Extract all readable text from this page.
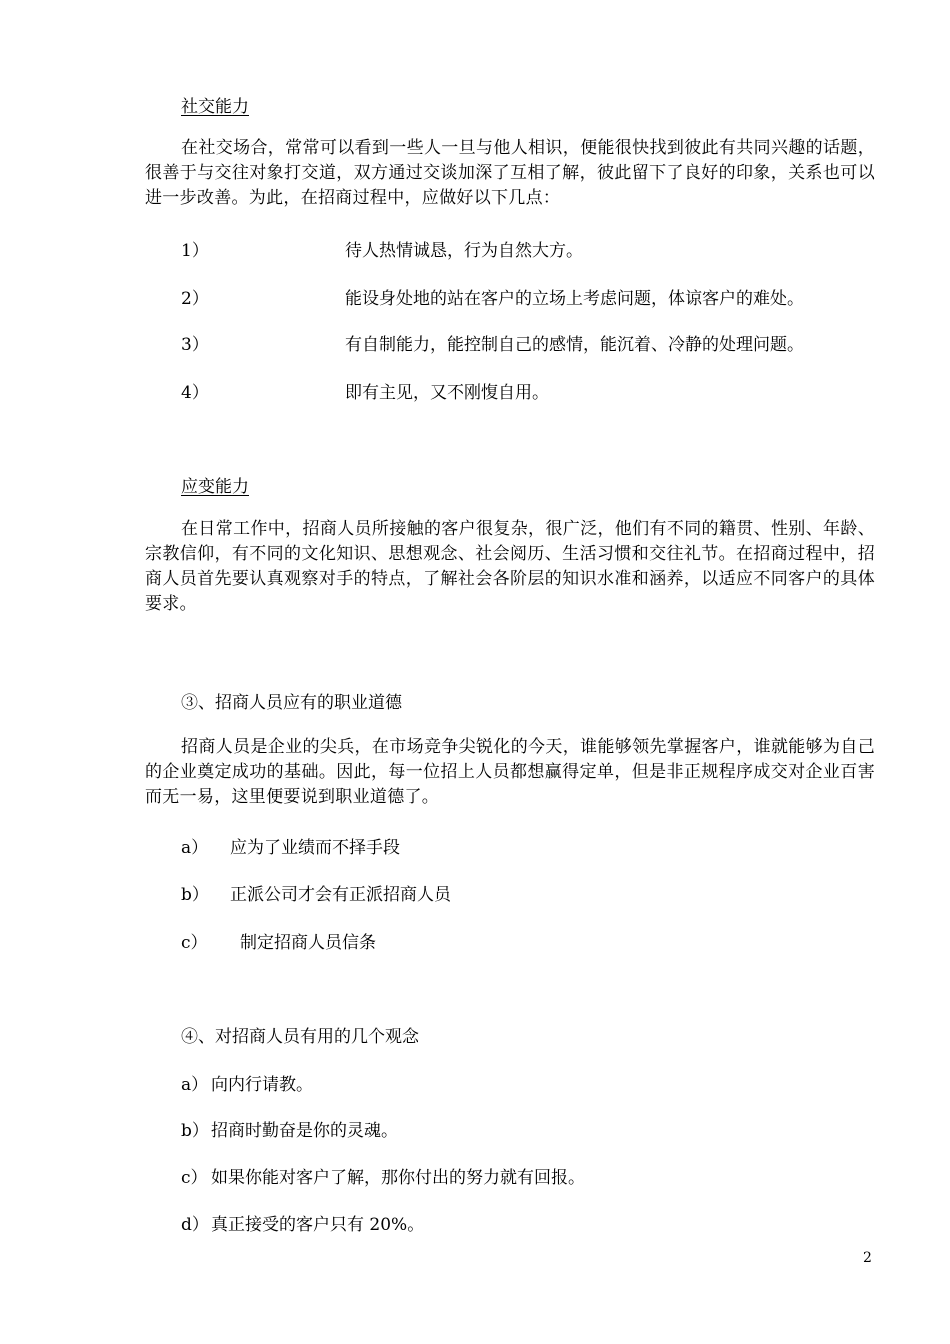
社交能力
在社交场合，常常可以看到一些人一旦与他人相识，便能很快找到彼此有共同兴趣的话题，很善于与交往对象打交道，双方通过交谈加深了互相了解，彼此留下了良好的印象，关系也可以进一步改善。为此，在招商过程中，应做好以下几点：
1）	待人热情诚恳，行为自然大方。
2）	能设身处地的站在客户的立场上考虑问题，体谅客户的难处。
3）	有自制能力，能控制自己的感情，能沉着、冷静的处理问题。
4）	即有主见，又不刚愎自用。
应变能力
在日常工作中，招商人员所接触的客户很复杂，很广泛，他们有不同的籍贯、性别、年龄、宗教信仰，有不同的文化知识、思想观念、社会阅历、生活习惯和交往礼节。在招商过程中，招商人员首先要认真观察对手的特点，了解社会各阶层的知识水准和涵养，以适应不同客户的具体要求。
③、招商人员应有的职业道德
招商人员是企业的尖兵，在市场竞争尖锐化的今天，谁能够领先掌握客户，谁就能够为自己的企业奠定成功的基础。因此，每一位招上人员都想赢得定单，但是非正规程序成交对企业百害而无一易，这里便要说到职业道德了。
a） 应为了业绩而不择手段
b） 正派公司才会有正派招商人员
c） 制定招商人员信条
④、对招商人员有用的几个观念
a） 向内行请教。
b） 招商时勤奋是你的灵魂。
c） 如果你能对客户了解，那你付出的努力就有回报。
d） 真正接受的客户只有 20%。
2
